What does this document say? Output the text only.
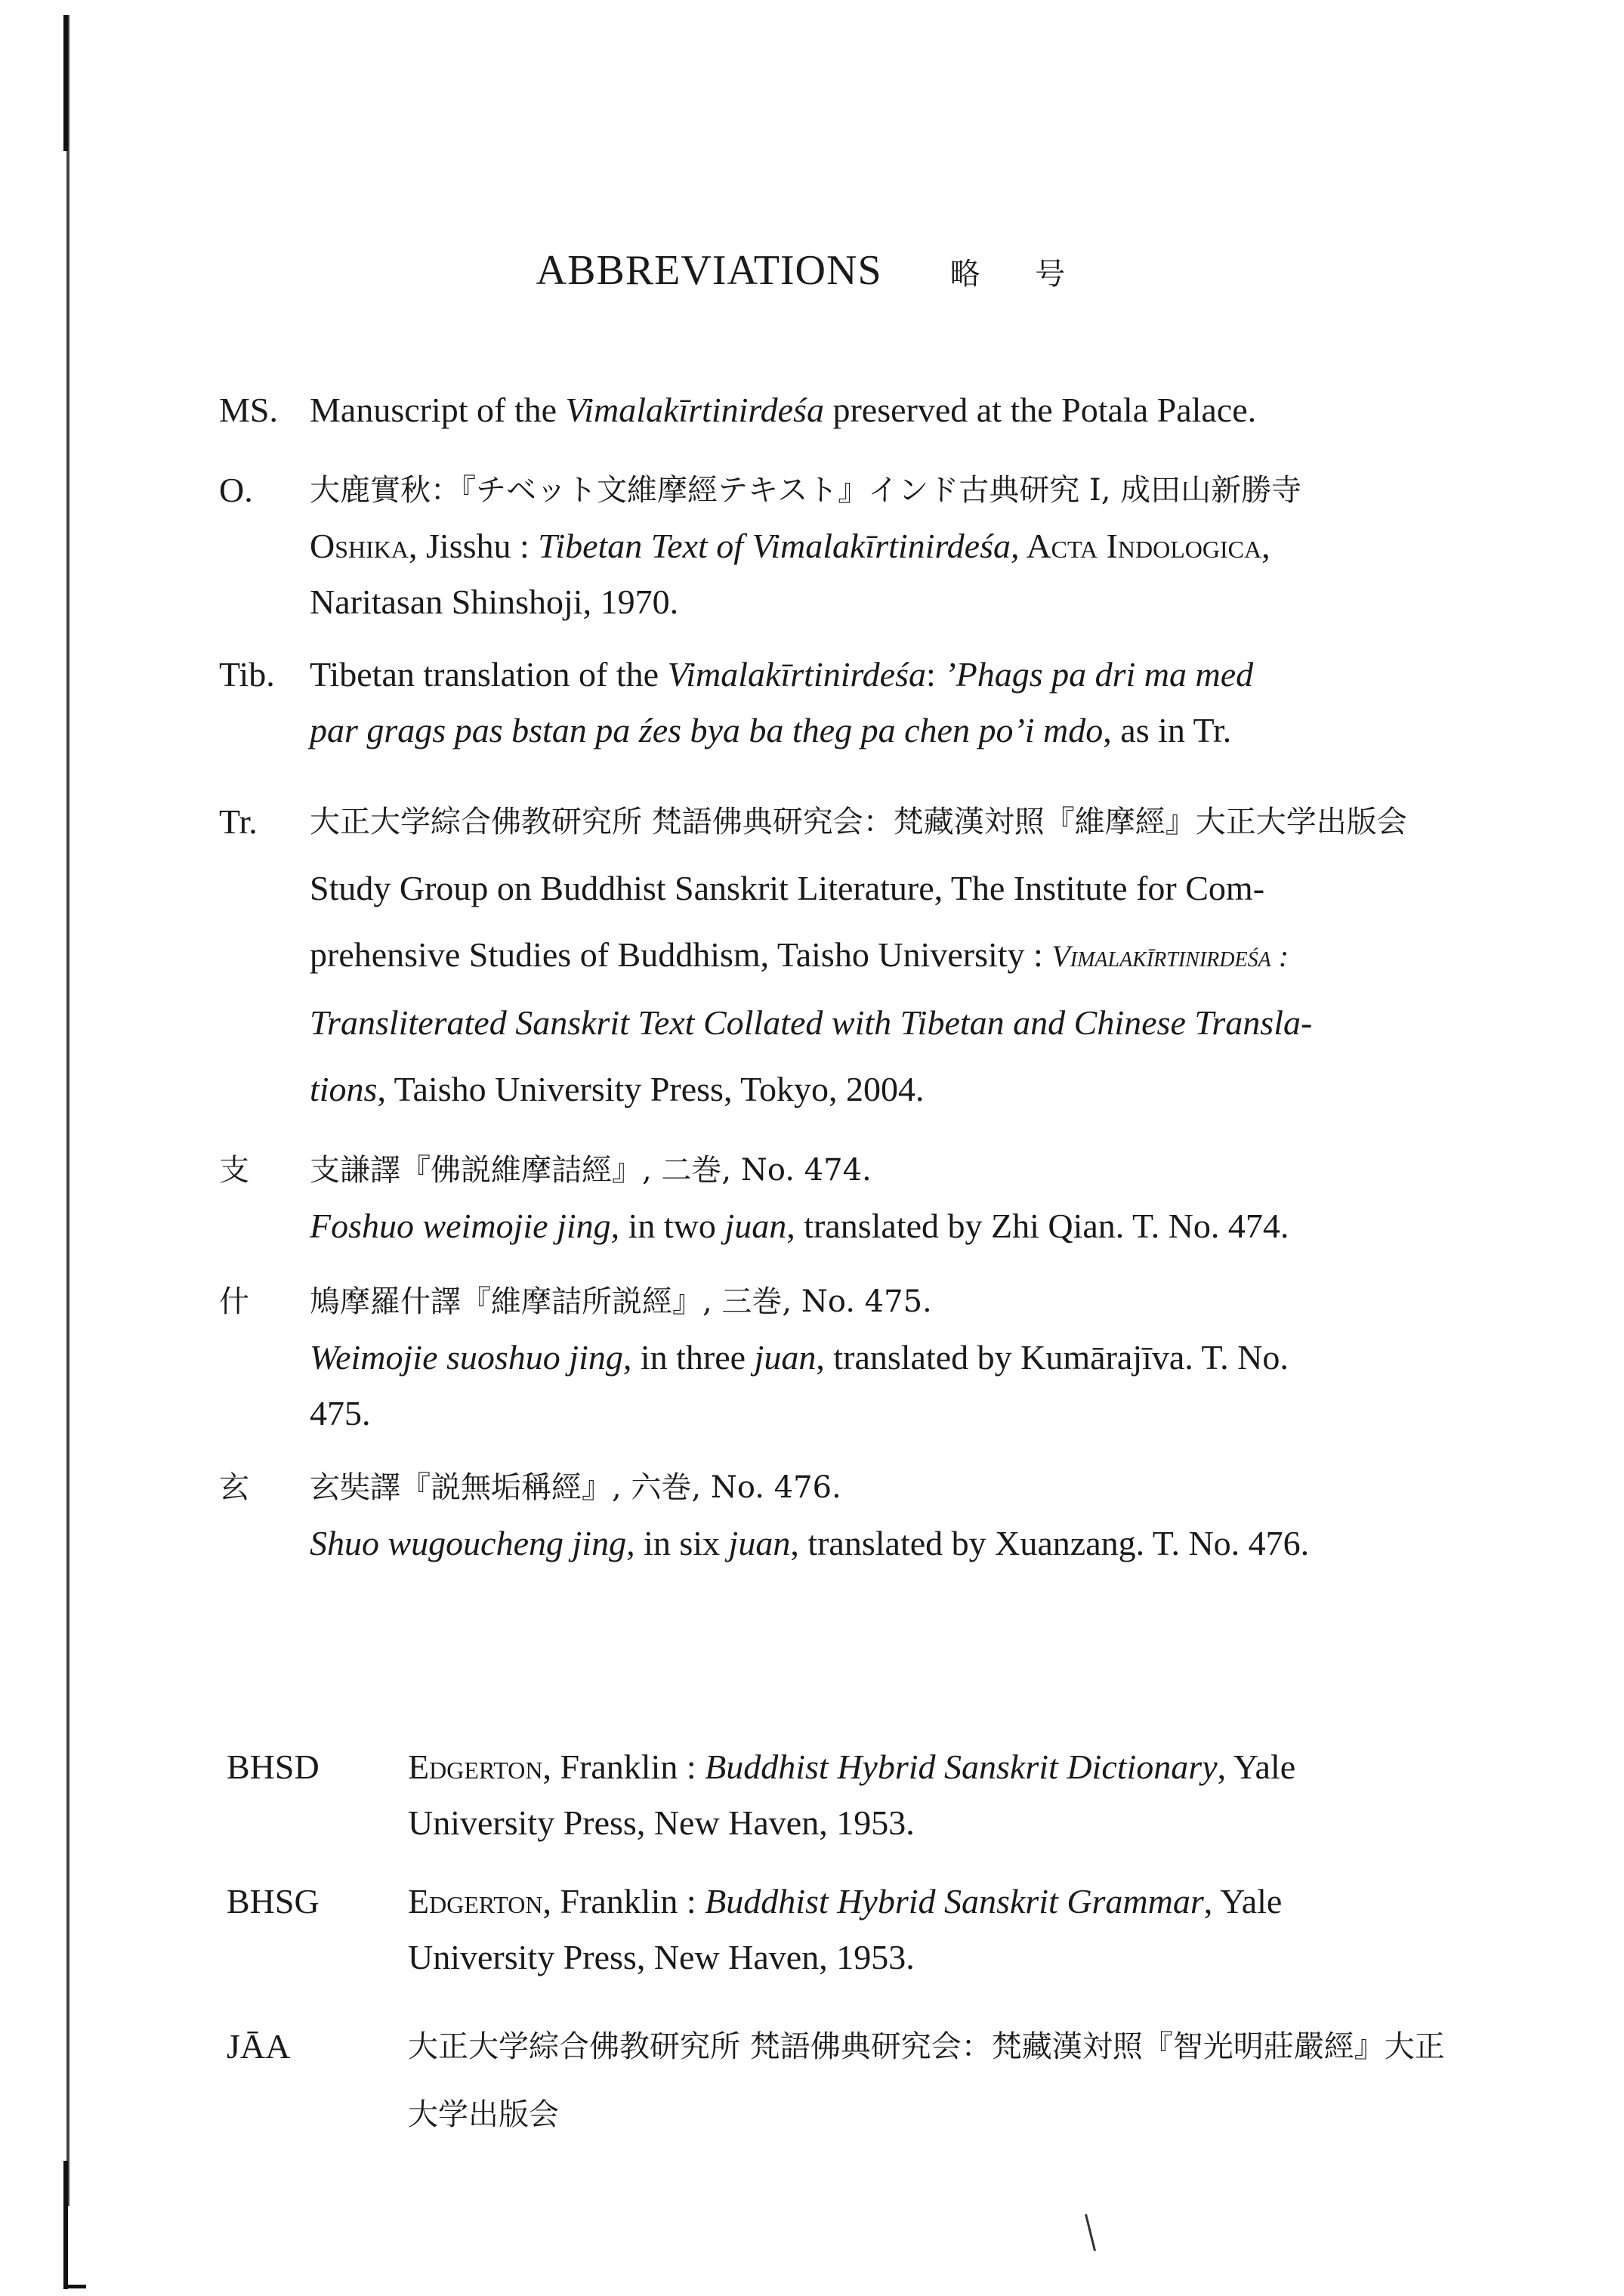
ABBREVIATIONS 略 号
MS. Manuscript of the Vimalakīrtinirdeśa preserved at the Potala Palace.
O. 大鹿實秋：『チベット文維摩經テキスト』インド古典研究 I, 成田山新勝寺
Oshika, Jisshu : Tibetan Text of Vimalakīrtinirdeśa, Acta Indologica,
Naritasan Shinshoji, 1970.
Tib. Tibetan translation of the Vimalakīrtinirdeśa: ’Phags pa dri ma med
par grags pas bstan pa źes bya ba theg pa chen po’i mdo, as in Tr.
Tr. 大正大学綜合佛教研究所 梵語佛典研究会：梵藏漢対照『維摩經』大正大学出版会
Study Group on Buddhist Sanskrit Literature, The Institute for Com-
prehensive Studies of Buddhism, Taisho University : Vimalakīrtinirdeśa :
Transliterated Sanskrit Text Collated with Tibetan and Chinese Transla-
tions, Taisho University Press, Tokyo, 2004.
支 支謙譯『佛説維摩詰經』, 二巻, No. 474.
Foshuo weimojie jing, in two juan, translated by Zhi Qian. T. No. 474.
什 鳩摩羅什譯『維摩詰所説經』, 三巻, No. 475.
Weimojie suoshuo jing, in three juan, translated by Kumārajīva. T. No.
475.
玄 玄奘譯『説無垢稱經』, 六巻, No. 476.
Shuo wugoucheng jing, in six juan, translated by Xuanzang. T. No. 476.
BHSD	Edgerton, Franklin : Buddhist Hybrid Sanskrit Dictionary, Yale
University Press, New Haven, 1953.
BHSG	Edgerton, Franklin : Buddhist Hybrid Sanskrit Grammar, Yale
University Press, New Haven, 1953.
JĀA	大正大学綜合佛教研究所 梵語佛典研究会：梵藏漢対照『智光明莊嚴經』大正
大学出版会
